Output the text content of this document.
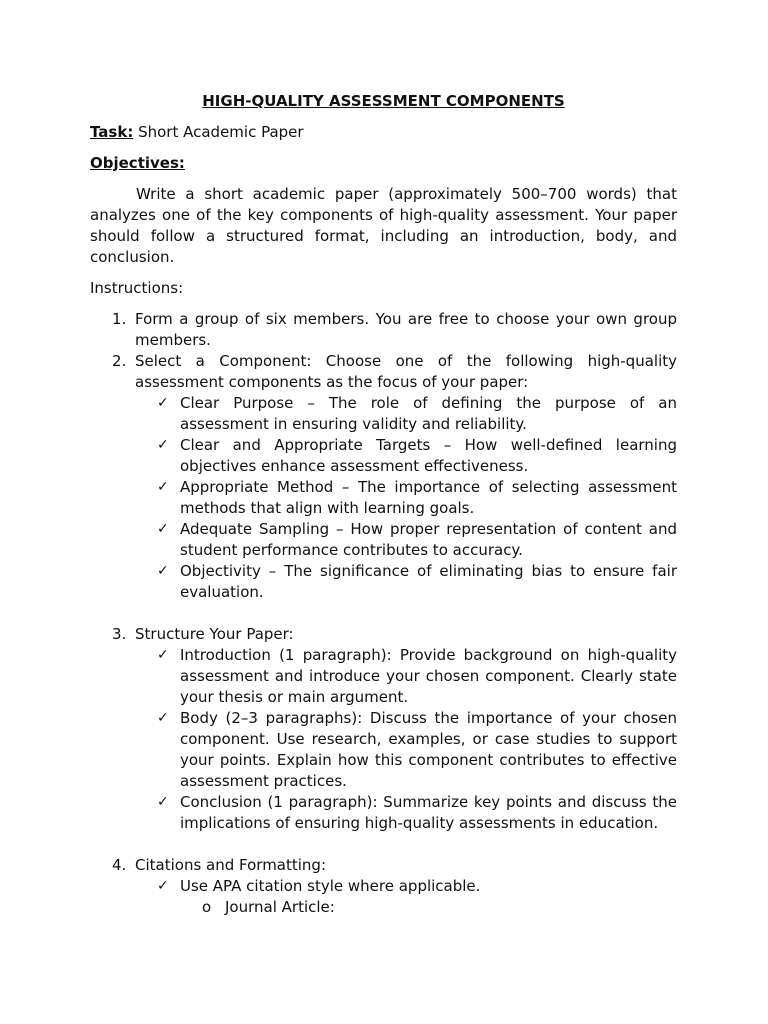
HIGH-QUALITY ASSESSMENT COMPONENTS

Task: Short Academic Paper

Objectives:

Write a short academic paper (approximately 500–700 words) that analyzes one of the key components of high-quality assessment. Your paper should follow a structured format, including an introduction, body, and conclusion.

Instructions:

1. Form a group of six members. You are free to choose your own group members.
2. Select a Component: Choose one of the following high-quality assessment components as the focus of your paper:
✓ Clear Purpose – The role of defining the purpose of an assessment in ensuring validity and reliability.
✓ Clear and Appropriate Targets – How well-defined learning objectives enhance assessment effectiveness.
✓ Appropriate Method – The importance of selecting assessment methods that align with learning goals.
✓ Adequate Sampling – How proper representation of content and student performance contributes to accuracy.
✓ Objectivity – The significance of eliminating bias to ensure fair evaluation.
3. Structure Your Paper:
✓ Introduction (1 paragraph): Provide background on high-quality assessment and introduce your chosen component. Clearly state your thesis or main argument.
✓ Body (2–3 paragraphs): Discuss the importance of your chosen component. Use research, examples, or case studies to support your points. Explain how this component contributes to effective assessment practices.
✓ Conclusion (1 paragraph): Summarize key points and discuss the implications of ensuring high-quality assessments in education.
4. Citations and Formatting:
✓ Use APA citation style where applicable.
o Journal Article:
